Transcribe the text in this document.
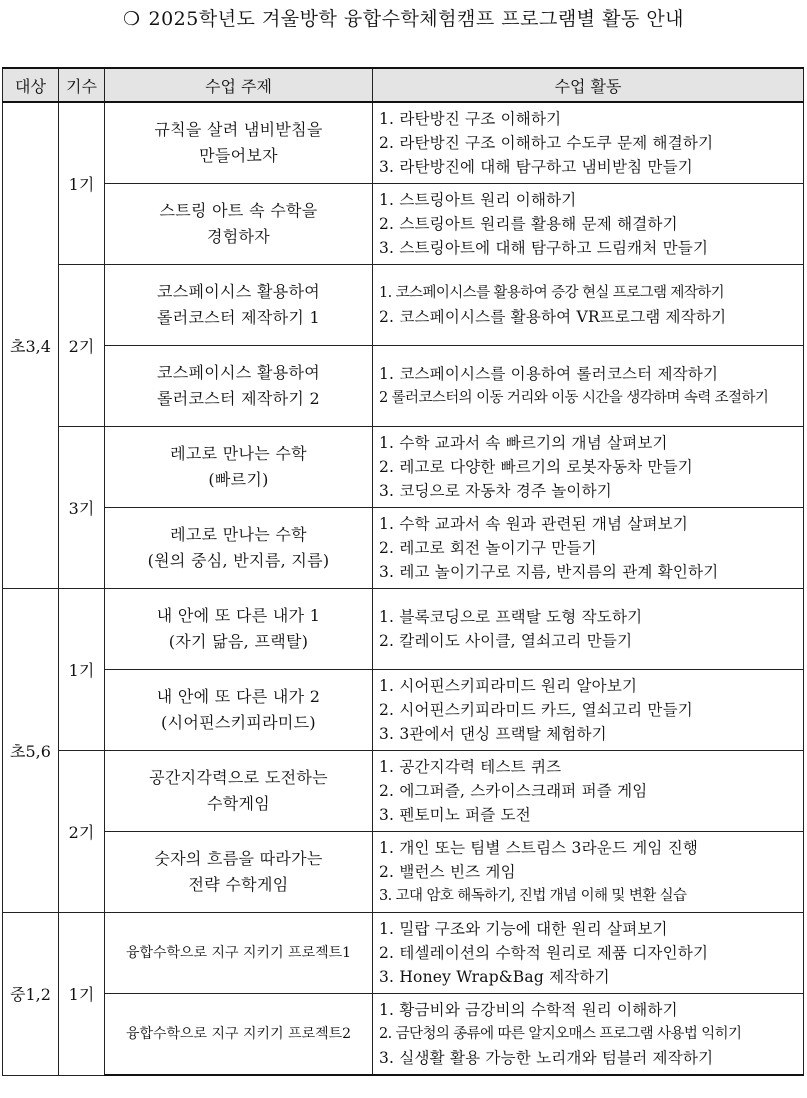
❍ 2025학년도 겨울방학 융합수학체험캠프 프로그램별 활동 안내
대상	기수	수업 주제	수업 활동
초3,4	1기	규칙을 살려 냄비받침을
만들어보자	1. 라탄방진 구조 이해하기
2. 라탄방진 구조 이해하고 수도쿠 문제 해결하기
3. 라탄방진에 대해 탐구하고 냄비받침 만들기

		스트링 아트 속 수학을
경험하자	1. 스트링아트 원리 이해하기
2. 스트링아트 원리를 활용해 문제 해결하기
3. 스트링아트에 대해 탐구하고 드림캐처 만들기

	2기	코스페이시스 활용하여
롤러코스터 제작하기 1	1. 코스페이시스를 활용하여 증강 현실 프로그램 제작하기
2. 코스페이시스를 활용하여 VR프로그램 제작하기

		코스페이시스 활용하여
롤러코스터 제작하기 2	1. 코스페이시스를 이용하여 롤러코스터 제작하기
2 롤러코스터의 이동 거리와 이동 시간을 생각하며 속력 조절하기

	3기	레고로 만나는 수학
(빠르기)	1. 수학 교과서 속 빠르기의 개념 살펴보기
2. 레고로 다양한 빠르기의 로봇자동차 만들기
3. 코딩으로 자동차 경주 놀이하기

		레고로 만나는 수학
(원의 중심, 반지름, 지름)	1. 수학 교과서 속 원과 관련된 개념 살펴보기
2. 레고로 회전 놀이기구 만들기
3. 레고 놀이기구로 지름, 반지름의 관계 확인하기

초5,6	1기	내 안에 또 다른 내가 1
(자기 닮음, 프랙탈)	1. 블록코딩으로 프랙탈 도형 작도하기
2. 칼레이도 사이클, 열쇠고리 만들기

		내 안에 또 다른 내가 2
(시어핀스키피라미드)	1. 시어핀스키피라미드 원리 알아보기
2. 시어핀스키피라미드 카드, 열쇠고리 만들기
3. 3관에서 댄싱 프랙탈 체험하기

	2기	공간지각력으로 도전하는
수학게임	1. 공간지각력 테스트 퀴즈
2. 에그퍼즐, 스카이스크래퍼 퍼즐 게임
3. 펜토미노 퍼즐 도전

		숫자의 흐름을 따라가는
전략 수학게임	1. 개인 또는 팀별 스트림스 3라운드 게임 진행
2. 밸런스 빈즈 게임
3. 고대 암호 해독하기, 진법 개념 이해 및 변환 실습

중1,2	1기	융합수학으로 지구 지키기 프로젝트1	1. 밀랍 구조와 기능에 대한 원리 살펴보기
2. 테셀레이션의 수학적 원리로 제품 디자인하기
3. Honey Wrap&Bag 제작하기

		융합수학으로 지구 지키기 프로젝트2	1. 황금비와 금강비의 수학적 원리 이해하기
2. 금단청의 종류에 따른 알지오매스 프로그램 사용법 익히기
3. 실생활 활용 가능한 노리개와 텀블러 제작하기
